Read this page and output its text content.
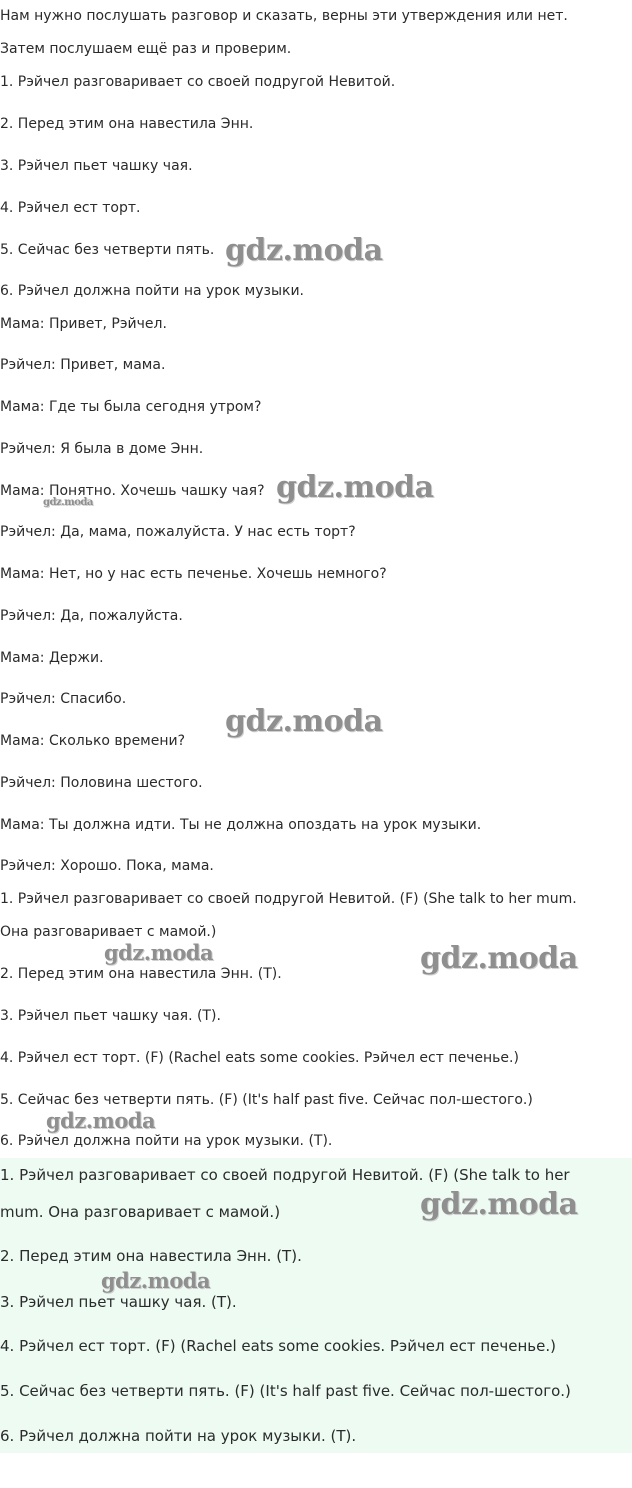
Нам нужно послушать разговор и сказать, верны эти утверждения или нет.
Затем послушаем ещё раз и проверим.
1. Рэйчел разговаривает со своей подругой Невитой.
2. Перед этим она навестила Энн.
3. Рэйчел пьет чашку чая.
4. Рэйчел ест торт.
5. Сейчас без четверти пять.
6. Рэйчел должна пойти на урок музыки.
Мама: Привет, Рэйчел.
Рэйчел: Привет, мама.
Мама: Где ты была сегодня утром?
Рэйчел: Я была в доме Энн.
Мама: Понятно. Хочешь чашку чая?
Рэйчел: Да, мама, пожалуйста. У нас есть торт?
Мама: Нет, но у нас есть печенье. Хочешь немного?
Рэйчел: Да, пожалуйста.
Мама: Держи.
Рэйчел: Спасибо.
Мама: Сколько времени?
Рэйчел: Половина шестого.
Мама: Ты должна идти. Ты не должна опоздать на урок музыки.
Рэйчел: Хорошо. Пока, мама.
1. Рэйчел разговаривает со своей подругой Невитой. (F) (She talk to her mum.
Она разговаривает с мамой.)
2. Перед этим она навестила Энн. (T).
3. Рэйчел пьет чашку чая. (T).
4. Рэйчел ест торт. (F) (Rachel eats some cookies. Рэйчел ест печенье.)
5. Сейчас без четверти пять. (F) (It's half past five. Сейчас пол-шестого.)
6. Рэйчел должна пойти на урок музыки. (T).
1. Рэйчел разговаривает со своей подругой Невитой. (F) (She talk to her
mum. Она разговаривает с мамой.)
2. Перед этим она навестила Энн. (T).
3. Рэйчел пьет чашку чая. (T).
4. Рэйчел ест торт. (F) (Rachel eats some cookies. Рэйчел ест печенье.)
5. Сейчас без четверти пять. (F) (It's half past five. Сейчас пол-шестого.)
6. Рэйчел должна пойти на урок музыки. (T).
gdz.moda
gdz.moda
gdz.moda
gdz.moda
gdz.moda	gdz.moda
gdz.moda
gdz.moda
gdz.moda
